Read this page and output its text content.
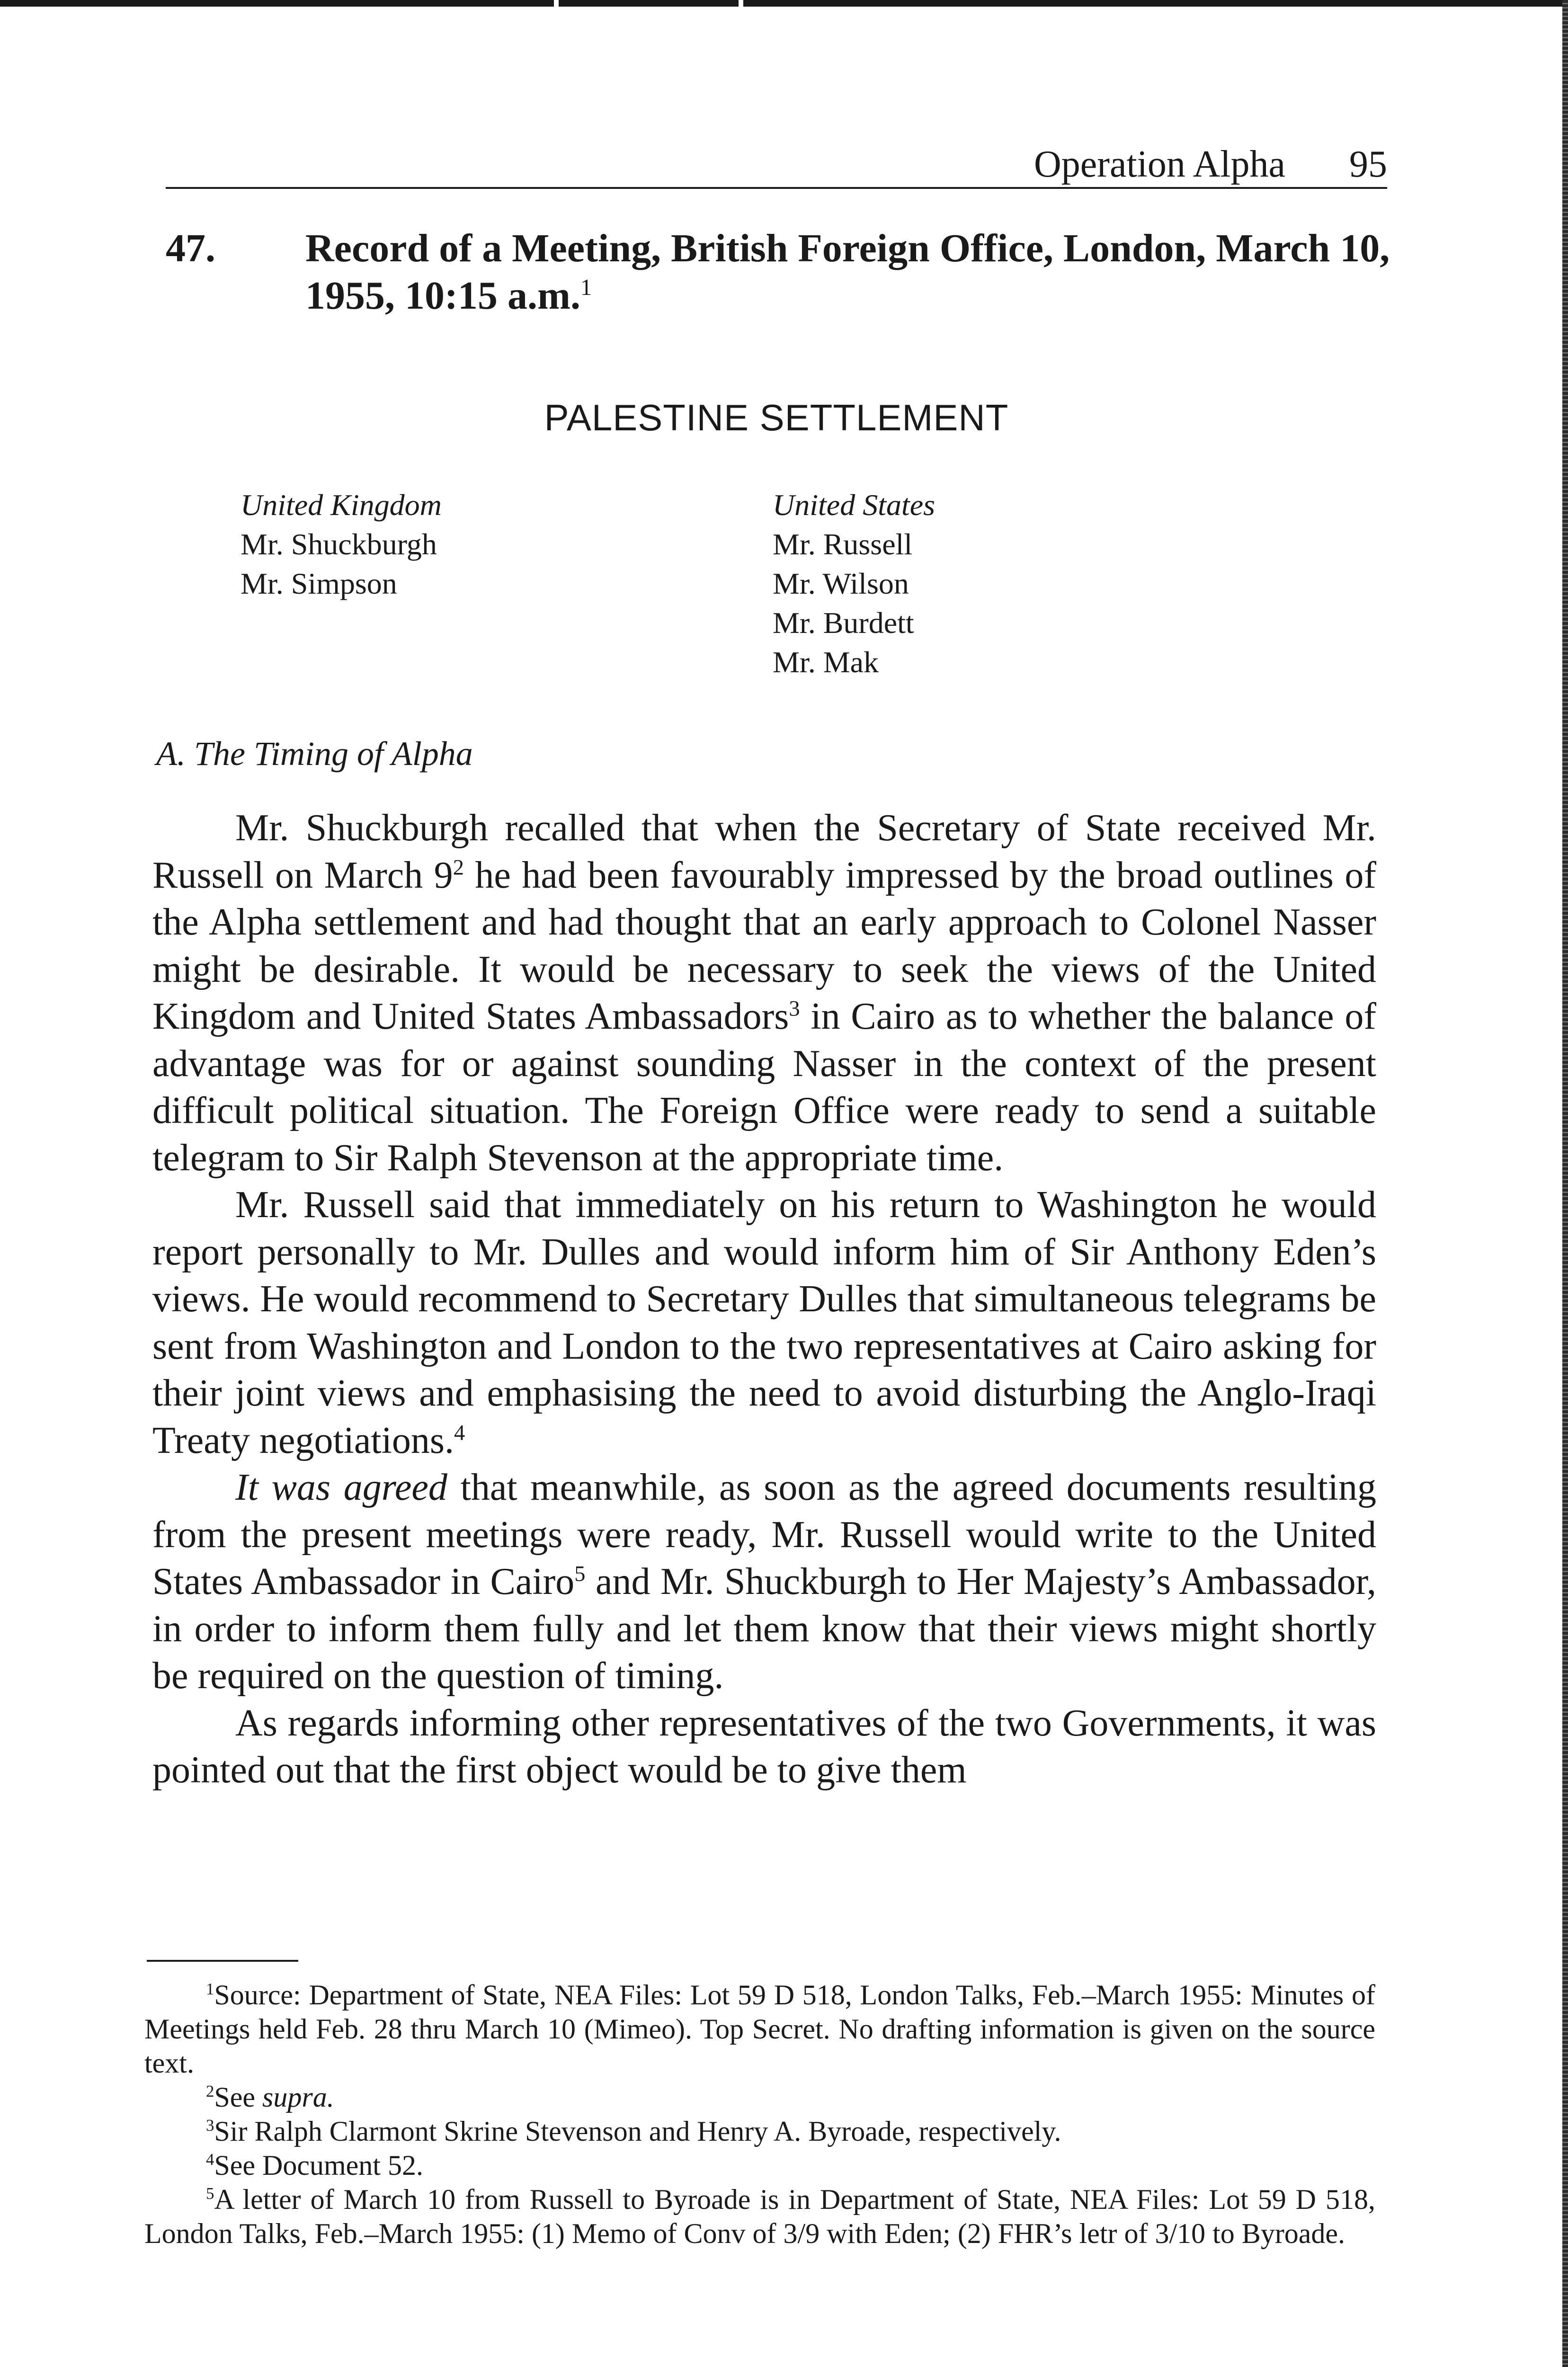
Operation Alpha 95
47. Record of a Meeting, British Foreign Office, London, March 10, 1955, 10:15 a.m.$^1$
PALESTINE SETTLEMENT
United Kingdom
Mr. Shuckburgh
Mr. Simpson
United States
Mr. Russell
Mr. Wilson
Mr. Burdett
Mr. Mak
A. The Timing of Alpha

Mr. Shuckburgh recalled that when the Secretary of State received Mr. Russell on March $9^2$ he had been favourably impressed by the broad outlines of the Alpha settlement and had thought that an early approach to Colonel Nasser might be desirable. It would be necessary to seek the views of the United Kingdom and United States Ambassadors$^3$ in Cairo as to whether the balance of advantage was for or against sounding Nasser in the context of the present difficult political situation. The Foreign Office were ready to send a suitable telegram to Sir Ralph Stevenson at the appropriate time.

Mr. Russell said that immediately on his return to Washington he would report personally to Mr. Dulles and would inform him of Sir Anthony Eden’s views. He would recommend to Secretary Dulles that simultaneous telegrams be sent from Washington and London to the two representatives at Cairo asking for their joint views and emphasising the need to avoid disturbing the Anglo-Iraqi Treaty negotiations.$^4$

It was agreed that meanwhile, as soon as the agreed documents resulting from the present meetings were ready, Mr. Russell would write to the United States Ambassador in Cairo$^5$ and Mr. Shuckburgh to Her Majesty’s Ambassador, in order to inform them fully and let them know that their views might shortly be required on the question of timing.

As regards informing other representatives of the two Governments, it was pointed out that the first object would be to give them

$^1$Source: Department of State, NEA Files: Lot 59 D 518, London Talks, Feb.–March 1955: Minutes of Meetings held Feb. 28 thru March 10 (Mimeo). Top Secret. No drafting information is given on the source text.

$^2$See supra.

$^3$Sir Ralph Clarmont Skrine Stevenson and Henry A. Byroade, respectively.

$^4$See Document 52.

$^5$A letter of March 10 from Russell to Byroade is in Department of State, NEA Files: Lot 59 D 518, London Talks, Feb.–March 1955: (1) Memo of Conv of 3/9 with Eden; (2) FHR’s letr of 3/10 to Byroade.
